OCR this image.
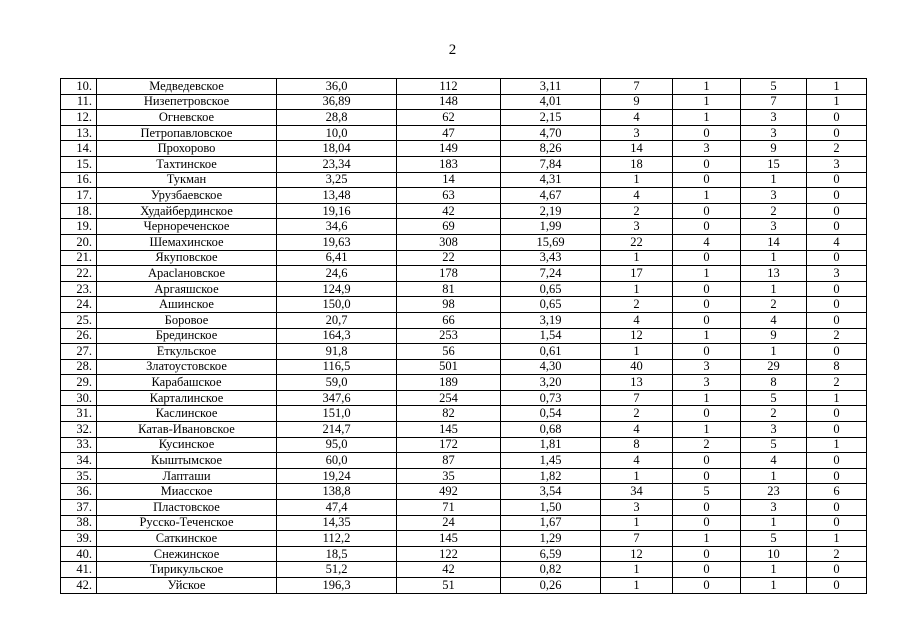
2
10.	Медведевское	36,0	112	3,11	7	1	5	1
11.	Низепетровское	36,89	148	4,01	9	1	7	1
12.	Огневское	28,8	62	2,15	4	1	3	0
13.	Петропавловское	10,0	47	4,70	3	0	3	0
14.	Прохорово	18,04	149	8,26	14	3	9	2
15.	Тахтинское	23,34	183	7,84	18	0	15	3
16.	Тукман	3,25	14	4,31	1	0	1	0
17.	Урузбаевское	13,48	63	4,67	4	1	3	0
18.	Худайбердинское	19,16	42	2,19	2	0	2	0
19.	Чернореченское	34,6	69	1,99	3	0	3	0
20.	Шемахинское	19,63	308	15,69	22	4	14	4
21.	Якуповское	6,41	22	3,43	1	0	1	0
22.	Арасlановское	24,6	178	7,24	17	1	13	3
23.	Аргаяшское	124,9	81	0,65	1	0	1	0
24.	Ашинское	150,0	98	0,65	2	0	2	0
25.	Боровое	20,7	66	3,19	4	0	4	0
26.	Брединское	164,3	253	1,54	12	1	9	2
27.	Еткульское	91,8	56	0,61	1	0	1	0
28.	Златоустовское	116,5	501	4,30	40	3	29	8
29.	Карабашское	59,0	189	3,20	13	3	8	2
30.	Карталинское	347,6	254	0,73	7	1	5	1
31.	Каслинское	151,0	82	0,54	2	0	2	0
32.	Катав-Ивановское	214,7	145	0,68	4	1	3	0
33.	Кусинское	95,0	172	1,81	8	2	5	1
34.	Кыштымское	60,0	87	1,45	4	0	4	0
35.	Лапташи	19,24	35	1,82	1	0	1	0
36.	Миасское	138,8	492	3,54	34	5	23	6
37.	Пластовское	47,4	71	1,50	3	0	3	0
38.	Русско-Теченское	14,35	24	1,67	1	0	1	0
39.	Саткинское	112,2	145	1,29	7	1	5	1
40.	Снежинское	18,5	122	6,59	12	0	10	2
41.	Тирикульское	51,2	42	0,82	1	0	1	0
42.	Уйское	196,3	51	0,26	1	0	1	0
